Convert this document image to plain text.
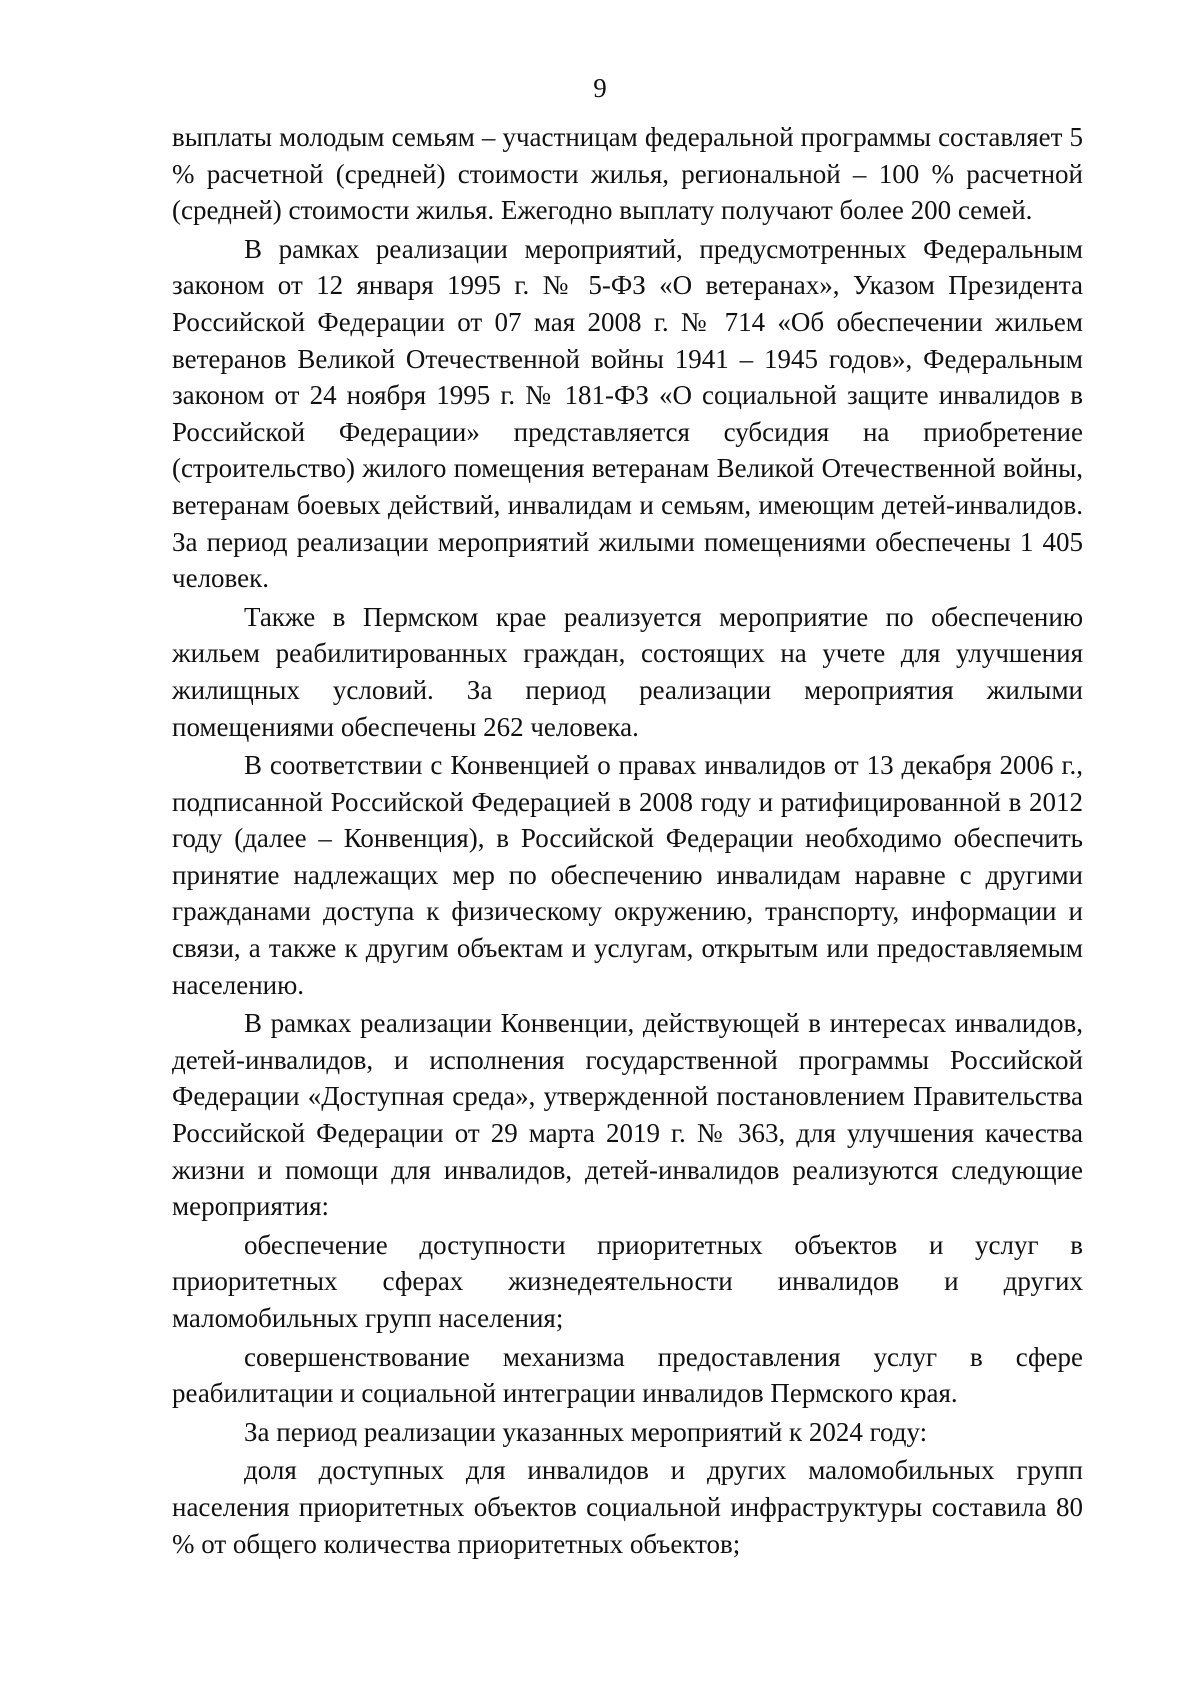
9

выплаты молодым семьям – участницам федеральной программы составляет 5 % расчетной (средней) стоимости жилья, региональной – 100 % расчетной (средней) стоимости жилья. Ежегодно выплату получают более 200 семей.

В рамках реализации мероприятий, предусмотренных Федеральным законом от 12 января 1995 г. № 5-ФЗ «О ветеранах», Указом Президента Российской Федерации от 07 мая 2008 г. № 714 «Об обеспечении жильем ветеранов Великой Отечественной войны 1941 – 1945 годов», Федеральным законом от 24 ноября 1995 г. № 181-ФЗ «О социальной защите инвалидов в Российской Федерации» представляется субсидия на приобретение (строительство) жилого помещения ветеранам Великой Отечественной войны, ветеранам боевых действий, инвалидам и семьям, имеющим детей-инвалидов. За период реализации мероприятий жилыми помещениями обеспечены 1 405 человек.

Также в Пермском крае реализуется мероприятие по обеспечению жильем реабилитированных граждан, состоящих на учете для улучшения жилищных условий. За период реализации мероприятия жилыми помещениями обеспечены 262 человека.

В соответствии с Конвенцией о правах инвалидов от 13 декабря 2006 г., подписанной Российской Федерацией в 2008 году и ратифицированной в 2012 году (далее – Конвенция), в Российской Федерации необходимо обеспечить принятие надлежащих мер по обеспечению инвалидам наравне с другими гражданами доступа к физическому окружению, транспорту, информации и связи, а также к другим объектам и услугам, открытым или предоставляемым населению.

В рамках реализации Конвенции, действующей в интересах инвалидов, детей-инвалидов, и исполнения государственной программы Российской Федерации «Доступная среда», утвержденной постановлением Правительства Российской Федерации от 29 марта 2019 г. № 363, для улучшения качества жизни и помощи для инвалидов, детей-инвалидов реализуются следующие мероприятия:

обеспечение доступности приоритетных объектов и услуг в приоритетных сферах жизнедеятельности инвалидов и других маломобильных групп населения;

совершенствование механизма предоставления услуг в сфере реабилитации и социальной интеграции инвалидов Пермского края.

За период реализации указанных мероприятий к 2024 году:

доля доступных для инвалидов и других маломобильных групп населения приоритетных объектов социальной инфраструктуры составила 80 % от общего количества приоритетных объектов;
